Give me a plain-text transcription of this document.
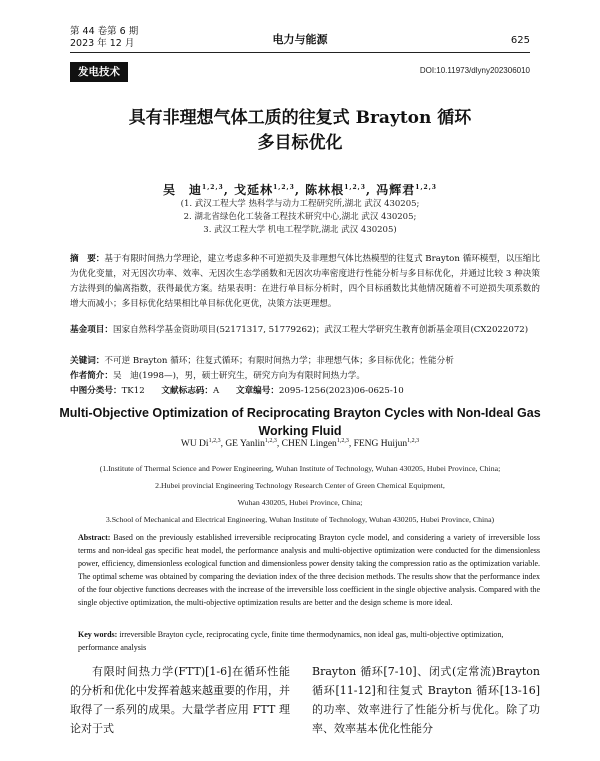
第 44 卷第 6 期
2023 年 12 月	电力与能源	625
发电技术	DOI:10.11973/dlyny202306010
具有非理想气体工质的往复式 Brayton 循环
多目标优化
吴　迪$^{1,2,3}$, 戈延林$^{1,2,3}$, 陈林根$^{1,2,3}$, 冯辉君$^{1,2,3}$
(1. 武汉工程大学 热科学与动力工程研究所,湖北 武汉 430205;
2. 湖北省绿色化工装备工程技术研究中心,湖北 武汉 430205;
3. 武汉工程大学 机电工程学院,湖北 武汉 430205)
摘　要：基于有限时间热力学理论，建立考虑多种不可逆损失及非理想气体比热模型的往复式 Brayton 循环模型，以压缩比为优化变量，对无因次功率、效率、无因次生态学函数和无因次功率密度进行性能分析与多目标优化，并通过比较 3 种决策方法得到的偏离指数，获得最优方案。结果表明：在进行单目标分析时，四个目标函数比其他情况随着不可逆损失项系数的增大而减小；多目标优化结果相比单目标优化更优，决策方法更理想。
基金项目：国家自然科学基金资助项目(52171317, 51779262)；武汉工程大学研究生教育创新基金项目(CX2022072)
关键词：不可逆 Brayton 循环；往复式循环；有限时间热力学；非理想气体；多目标优化；性能分析
作者简介：吴　迪(1998—)，男，硕士研究生，研究方向为有限时间热力学。
中图分类号：TK12 文献标志码：A 文章编号：2095-1256(2023)06-0625-10
Multi-Objective Optimization of Reciprocating Brayton Cycles with Non-Ideal Gas
Working Fluid
WU Di$^{1,2,3}$, GE Yanlin$^{1,2,3}$, CHEN Lingen$^{1,2,3}$, FENG Huijun$^{1,2,3}$
(1.Institute of Thermal Science and Power Engineering, Wuhan Institute of Technology, Wuhan 430205, Hubei Province, China;
2.Hubei provincial Engineering Technology Research Center of Green Chemical Equipment,
Wuhan 430205, Hubei Province, China;
3.School of Mechanical and Electrical Engineering, Wuhan Institute of Technology, Wuhan 430205, Hubei Province, China)
Abstract: Based on the previously established irreversible reciprocating Brayton cycle model, and considering a variety of irreversible loss terms and non-ideal gas specific heat model, the performance analysis and multi-objective optimization were conducted for the dimensionless power, efficiency, dimensionless ecological function and dimensionless power density taking the compression ratio as the optimization variable. The optimal scheme was obtained by comparing the deviation index of the three decision methods. The results show that the performance index of the four objective functions decreases with the increase of the irreversible loss coefficient in the single objective analysis. Compared with the single objective optimization, the multi-objective optimization results are better and the design scheme is more ideal.
Key words: irreversible Brayton cycle, reciprocating cycle, finite time thermodynamics, non ideal gas, multi-objective optimization, performance analysis
有限时间热力学(FTT)[1-6]在循环性能的分析和优化中发挥着越来越重要的作用，并取得了一系列的成果。大量学者应用 FTT 理论对于式
Brayton 循环[7-10]、闭式(定常流)Brayton 循环[11-12]和往复式 Brayton 循环[13-16]的功率、效率进行了性能分析与优化。除了功率、效率基本优化性能分
